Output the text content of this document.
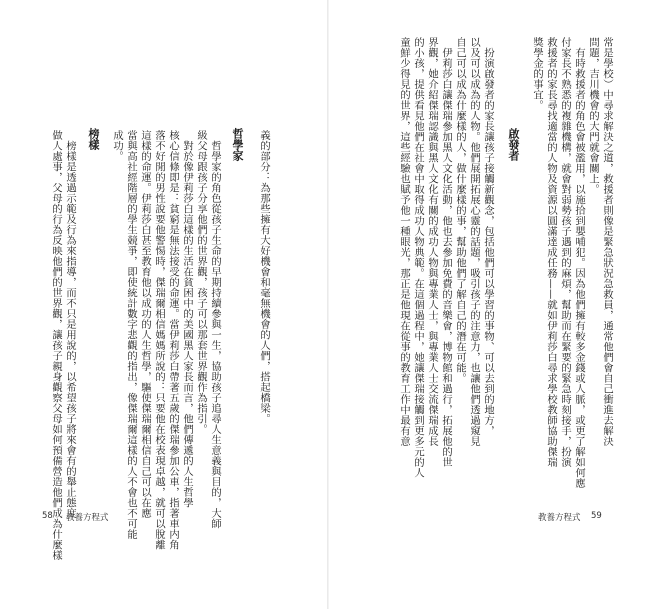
常是學校）中尋求解決之道，救援者則像是緊急狀況急救員，通常他們會自己衝進去解決
問題，吉川機會的大門就會關上。
　有時救援者的角色會被濫用，以施拾到嬰哺犯。因為他們擁有較多金錢或人脈，或更了解如何應
付家長不熟悉的複雜機構，就會對弱勢孩子遇到的麻煩，幫助而在緊要的緊急時刻接手，扮演
救援者的家長尋找適當的人物及資源以圓滿達成任務——就如伊莉莎白尋求學校教師協助傑瑞
獎學金的事宜。
啟發者
　扮演啟發者的家長讓孩子接觸新觀念，包括他們可以學習的事物、可以去到的地方，
以及可以成為的人物。他們展開拓展心靈的話題，吸引孩子的注意力，也讓他們透過窺見
自己可以成為什麼樣的人，做什麼樣的事，幫助他們了解自己的潛在可能。
　伊莉莎白讓傑瑞參加黑人文化活動，他也去參加免費的音樂會，博物館和過行，拓展他的世
界觀，她介紹傑瑞認識與黑人文化有關的成功人物與專業人士，與專業人士交流傑瑞成長
的小孩，提供看見他們在社會中取得成功人物典範。在這個過程中，她讓傑瑞接觸到更多元的人
童鮮少得見的世界，這些經驗也賦予他一種眼光，那正是他現在從事的教育工作中最有意
教養方程式 59
義的部分：為那些擁有大好機會和毫無機會的人們，搭起橋梁。
哲學家
　哲學家的角色從孩子生命的早期持續參與一生，協助孩子追尋人生意義與目的，大師
級父母跟孩子分享他們的世界觀，孩子可以那套世界觀作為指引。
　對於像伊莉莎白這樣的生活在貧困中的美國黑人家長而言，他們傳遞的人生哲學
核心信條即是：貧窮是無法接受的命運。當伊莉莎白帶著五歲的傑瑞參加公車，指著車内角
落不好閒的男性說要他警惕時，傑瑞爾相信媽媽所說的：只要他在校表現卓越，就可以脫離
這樣的命運。伊莉莎白甚至教育他以成功的人生哲學，驅使傑瑞爾相信自己可以在應
當與高社經階層的學生競爭，即使統計數字悲觀的指出，像傑瑞爾這樣的人不會也不可能
成功。
榜樣
　榜樣是透過示範及行為來指導，而不只是用說的，以希望孩子將來會有的舉止態度
做人處事，父母的行為反映他們的世界觀，讓孩子親身觀察父母如何預備營造他們成為什麼樣
58 教養方程式
